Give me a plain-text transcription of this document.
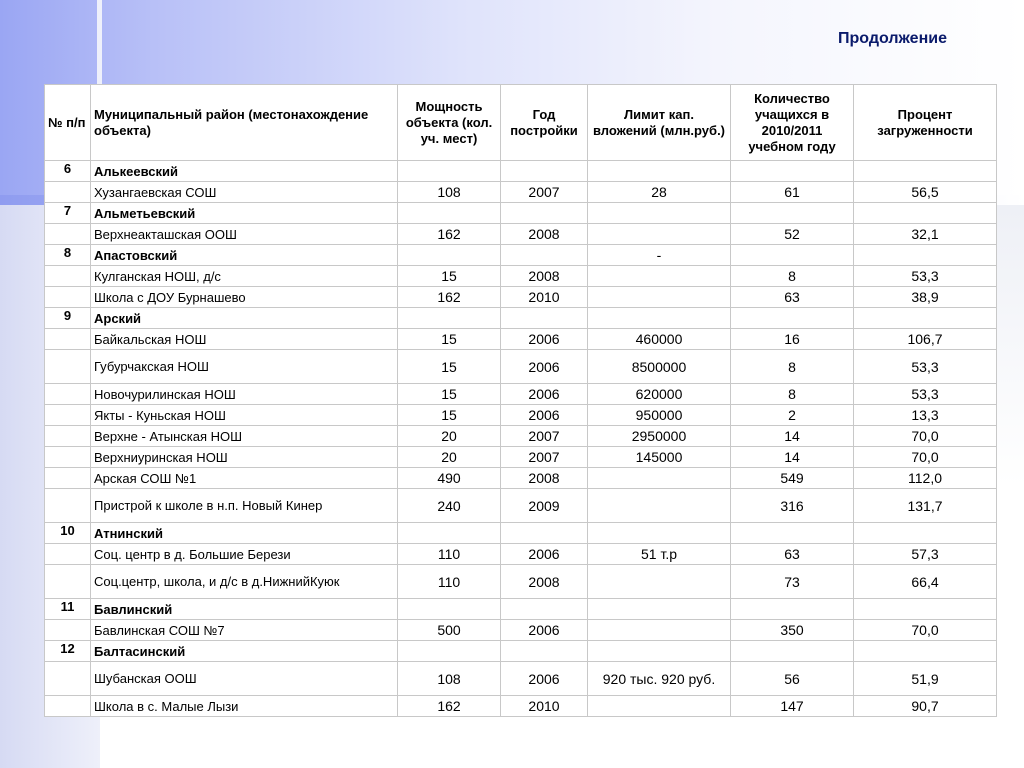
Продолжение
№ п/п	Муниципальный район (местонахождение объекта)	Мощность объекта (кол. уч. мест)	Год постройки	Лимит кап. вложений (млн.руб.)	Количество учащихся в 2010/2011 учебном году	Процент загруженности
6	Алькеевский					
	Хузангаевская СОШ	108	2007	28	61	56,5
7	Альметьевский					
	Верхнеакташская ООШ	162	2008		52	32,1
8	Апастовский			-		
	Кулганская НОШ, д/с	15	2008		8	53,3
	Школа с ДОУ Бурнашево	162	2010		63	38,9
9	Арский					
	Байкальская НОШ	15	2006	460000	16	106,7
	Губурчакская НОШ	15	2006	8500000	8	53,3
	Новочурилинская НОШ	15	2006	620000	8	53,3
	Якты - Куньская НОШ	15	2006	950000	2	13,3
	Верхне - Атынская НОШ	20	2007	2950000	14	70,0
	Верхниуринская НОШ	20	2007	145000	14	70,0
	Арская СОШ №1	490	2008		549	112,0
	Пристрой к школе в н.п. Новый Кинер	240	2009		316	131,7
10	Атнинский					
	Соц. центр в д. Большие Берези	110	2006	51 т.р	63	57,3
	Соц.центр, школа, и д/с в д.НижнийКуюк	110	2008		73	66,4
11	Бавлинский					
	Бавлинская СОШ №7	500	2006		350	70,0
12	Балтасинский					
	Шубанская ООШ	108	2006	920 тыс. 920 руб.	56	51,9
	Школа в с. Малые Лызи	162	2010		147	90,7
